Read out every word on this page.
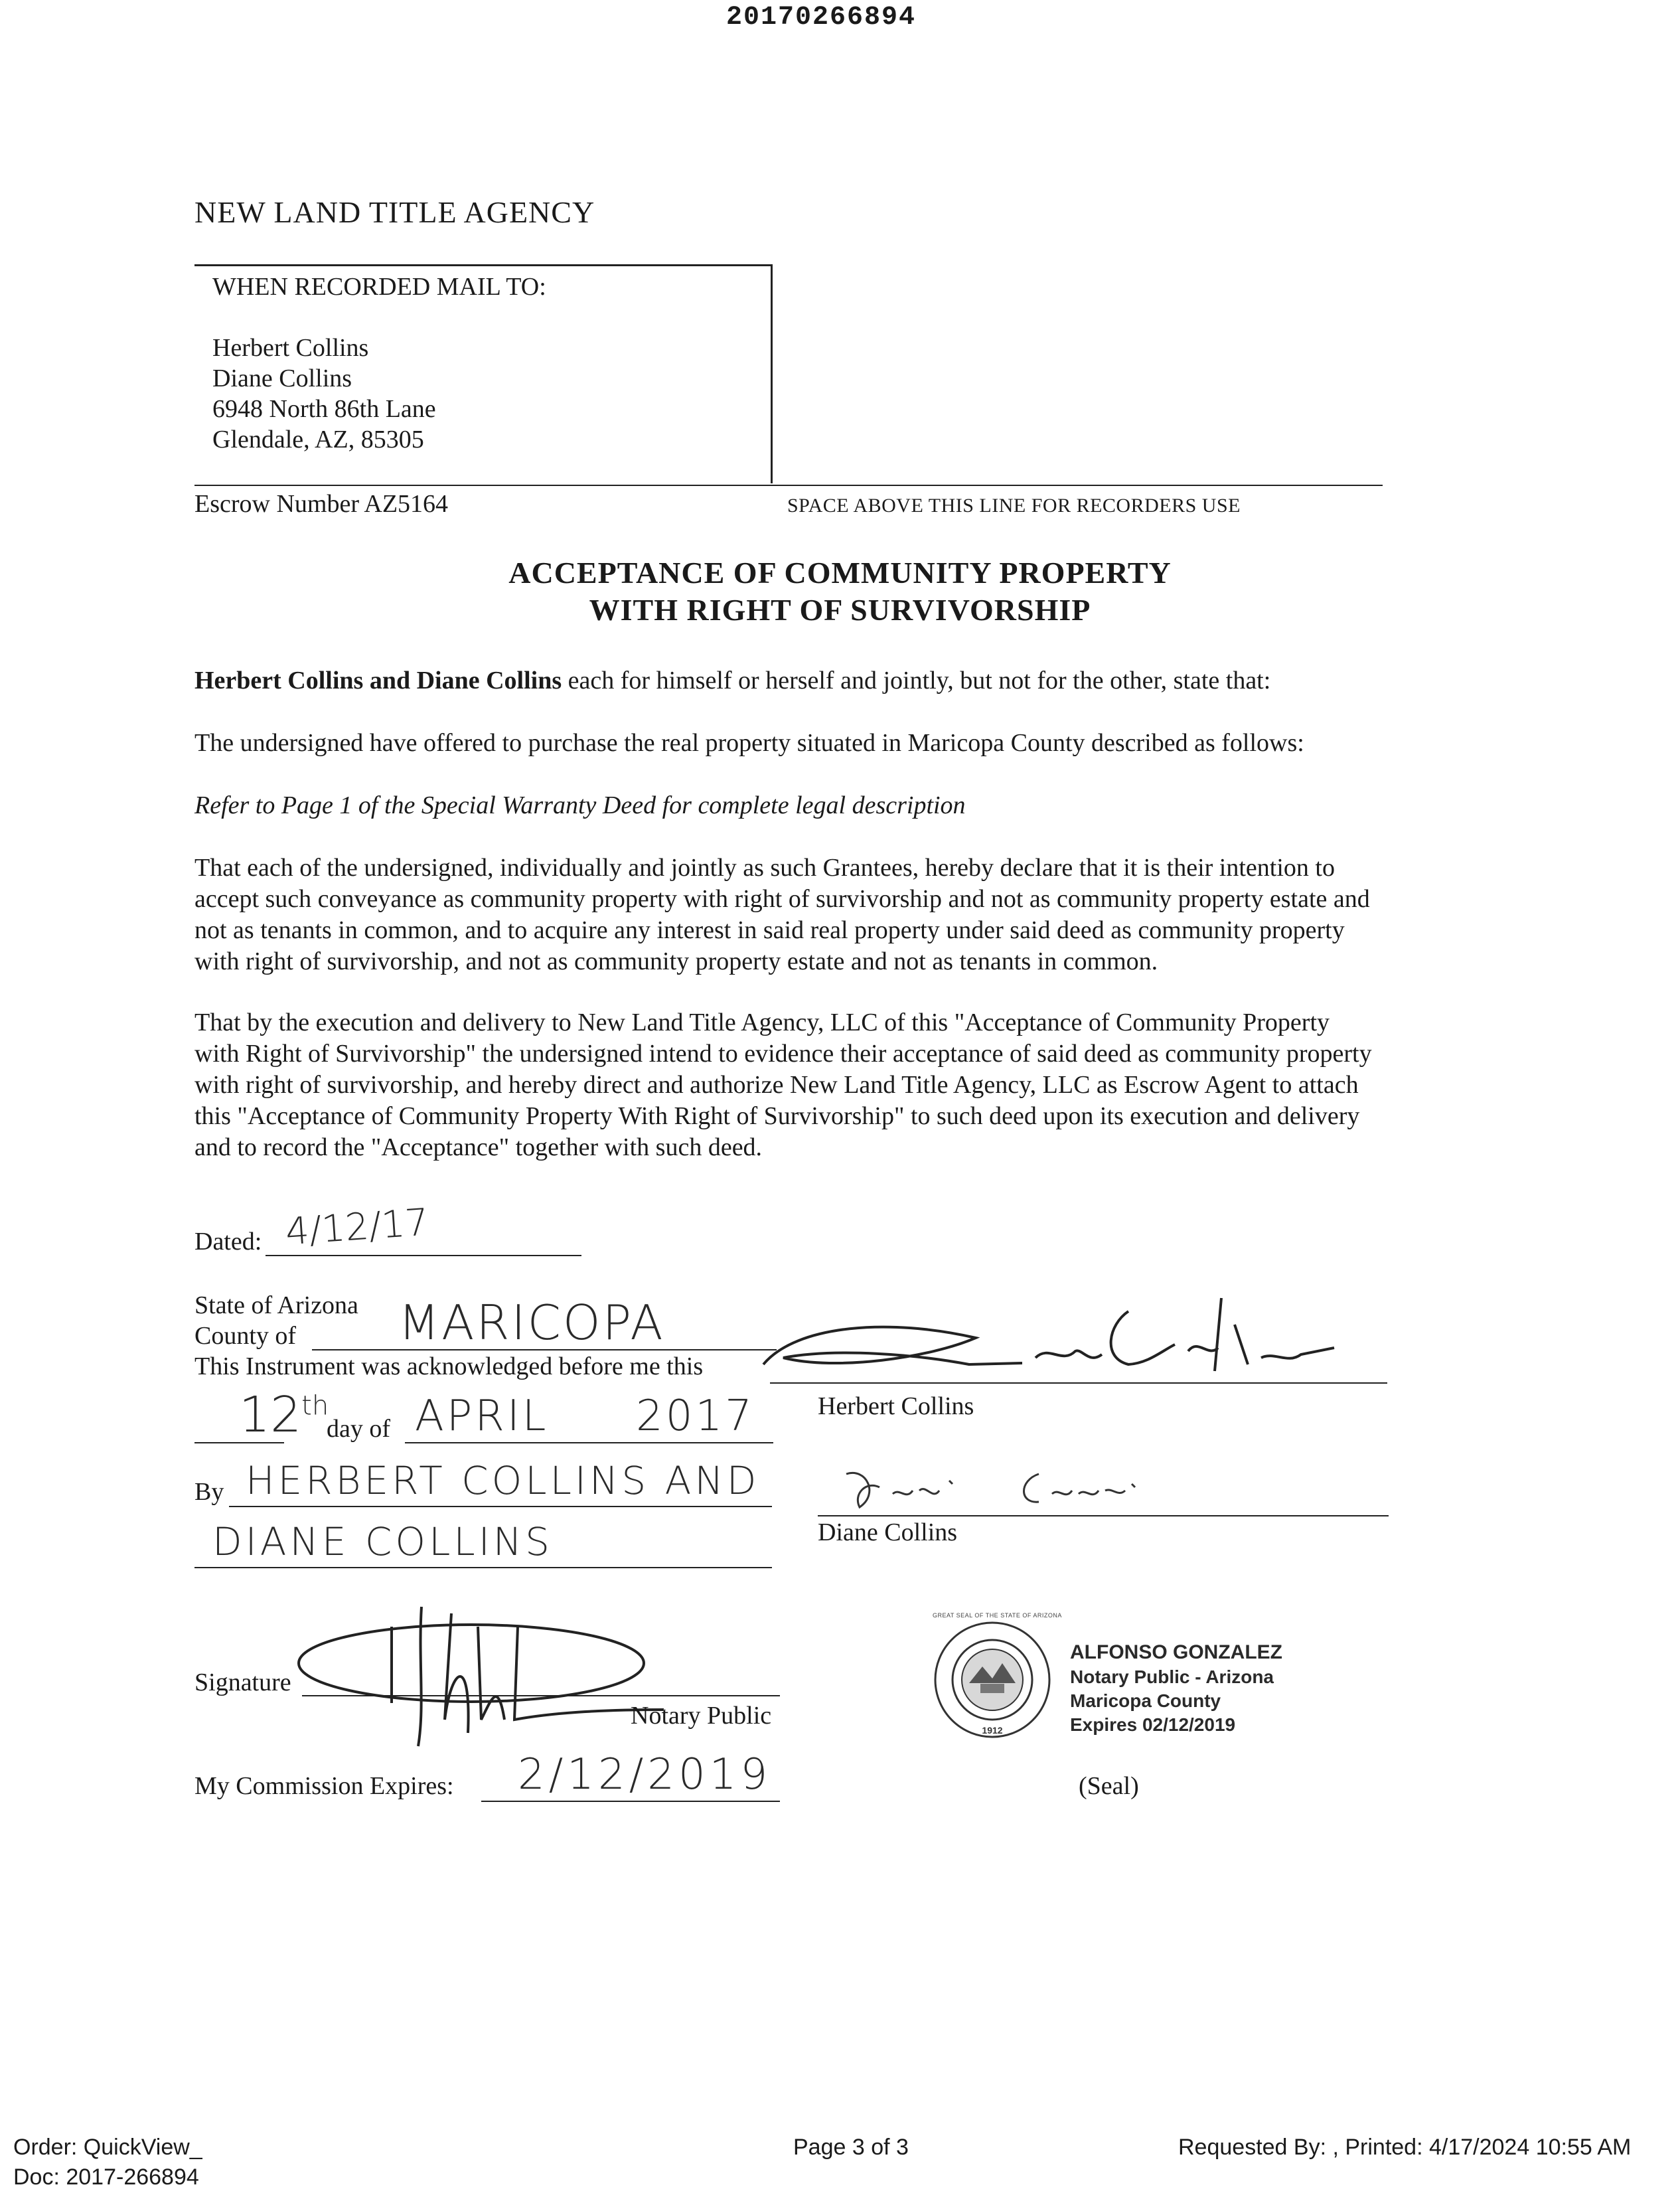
20170266894
NEW LAND TITLE AGENCY
WHEN RECORDED MAIL TO:
Herbert Collins
Diane Collins
6948 North 86th Lane
Glendale, AZ, 85305
Escrow Number AZ5164	SPACE ABOVE THIS LINE FOR RECORDERS USE
ACCEPTANCE OF COMMUNITY PROPERTY
WITH RIGHT OF SURVIVORSHIP
Herbert Collins and Diane Collins each for himself or herself and jointly, but not for the other, state that:
The undersigned have offered to purchase the real property situated in Maricopa County described as follows:
Refer to Page 1 of the Special Warranty Deed for complete legal description
That each of the undersigned, individually and jointly as such Grantees, hereby declare that it is their intention to
accept such conveyance as community property with right of survivorship and not as community property estate and
not as tenants in common, and to acquire any interest in said real property under said deed as community property
with right of survivorship, and not as community property estate and not as tenants in common.
That by the execution and delivery to New Land Title Agency, LLC of this "Acceptance of Community Property
with Right of Survivorship" the undersigned intend to evidence their acceptance of said deed as community property
with right of survivorship, and hereby direct and authorize New Land Title Agency, LLC as Escrow Agent to attach
this "Acceptance of Community Property With Right of Survivorship" to such deed upon its execution and delivery
and to record the "Acceptance" together with such deed.
Dated: 4/12/17
State of Arizona
County of MARICOPA
This Instrument was acknowledged before me this
12th
day of APRIL 2017
By HERBERT COLLINS AND
DIANE COLLINS
Signature
Notary Public
My Commission Expires: 2/12/2019
Herbert Collins
Diane Collins
GREAT SEAL OF THE STATE OF ARIZONA
1912
ALFONSO GONZALEZ
Notary Public - Arizona
Maricopa County
Expires 02/12/2019
(Seal)
Order: QuickView_
Doc: 2017-266894
Page 3 of 3	Requested By: , Printed: 4/17/2024 10:55 AM
